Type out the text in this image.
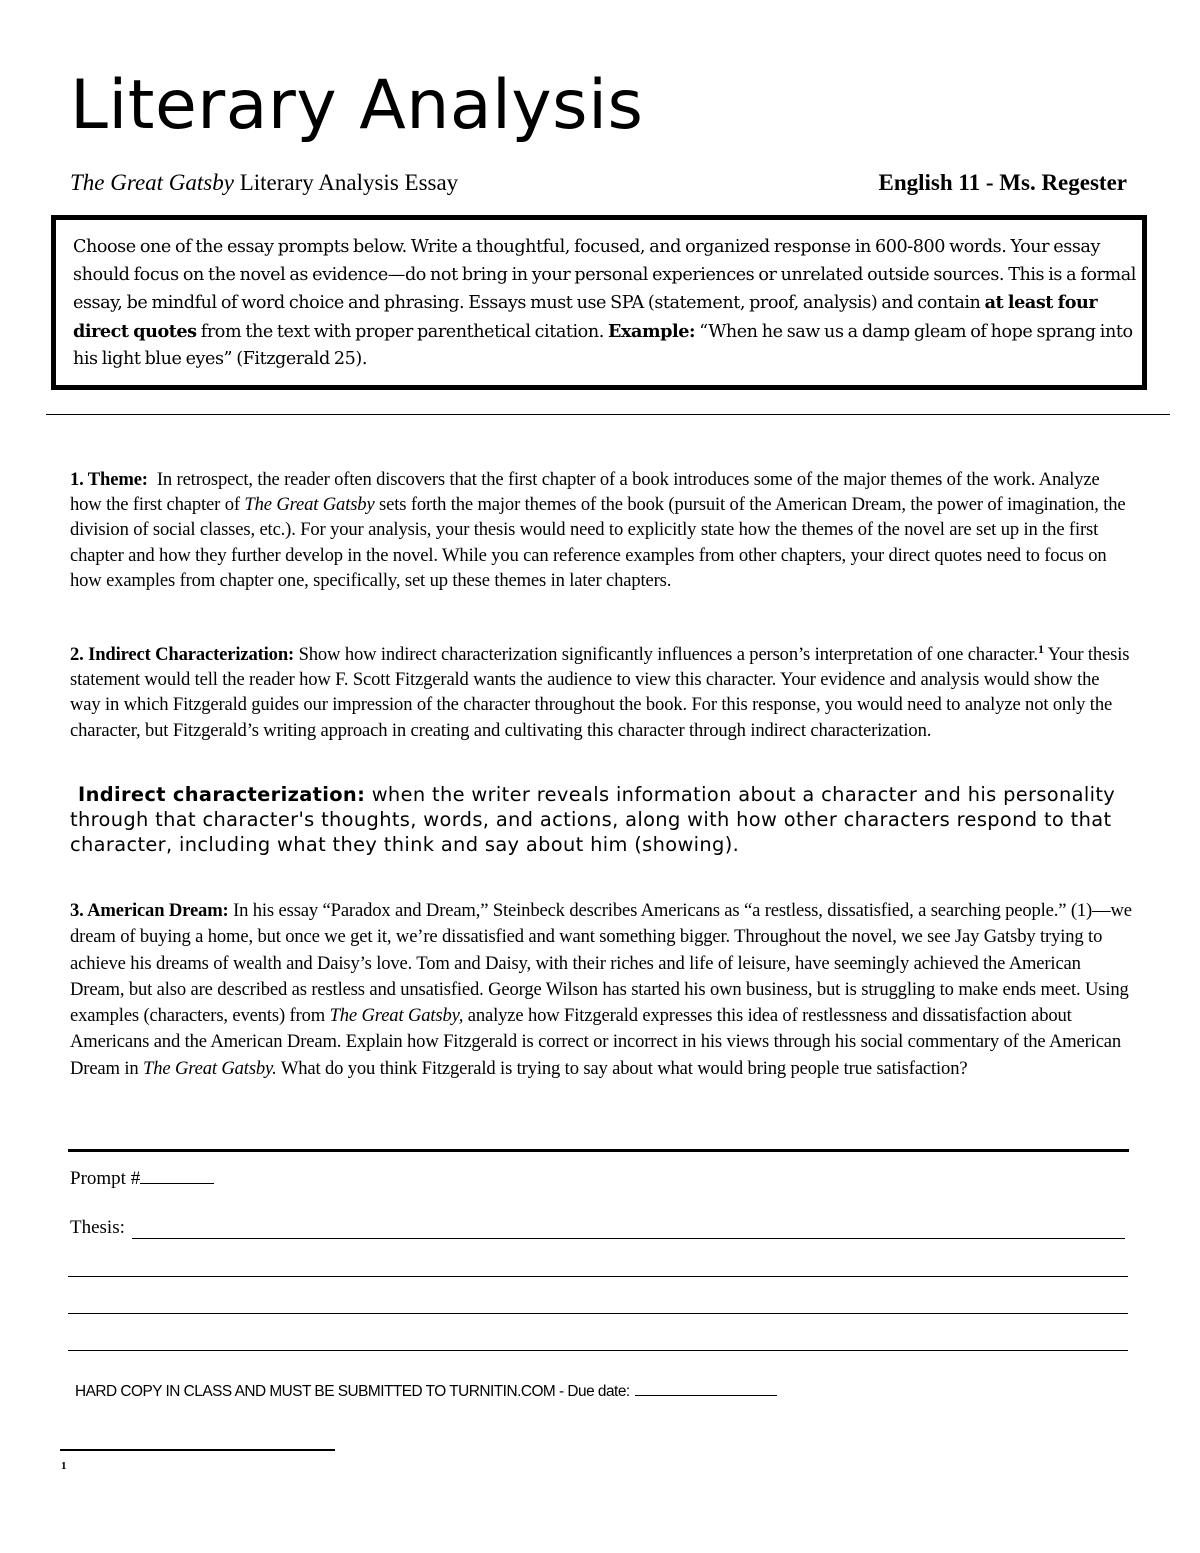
Literary Analysis
The Great Gatsby Literary Analysis Essay	English 11 - Ms. Regester
Choose one of the essay prompts below. Write a thoughtful, focused, and organized response in 600-800 words. Your essay should focus on the novel as evidence—do not bring in your personal experiences or unrelated outside sources. This is a formal essay, be mindful of word choice and phrasing. Essays must use SPA (statement, proof, analysis) and contain at least four direct quotes from the text with proper parenthetical citation. Example: “When he saw us a damp gleam of hope sprang into his light blue eyes” (Fitzgerald 25).
1. Theme: In retrospect, the reader often discovers that the first chapter of a book introduces some of the major themes of the work. Analyze how the first chapter of The Great Gatsby sets forth the major themes of the book (pursuit of the American Dream, the power of imagination, the division of social classes, etc.). For your analysis, your thesis would need to explicitly state how the themes of the novel are set up in the first chapter and how they further develop in the novel. While you can reference examples from other chapters, your direct quotes need to focus on how examples from chapter one, specifically, set up these themes in later chapters.
2. Indirect Characterization: Show how indirect characterization significantly influences a person’s interpretation of one character.$^1$ Your thesis statement would tell the reader how F. Scott Fitzgerald wants the audience to view this character. Your evidence and analysis would show the way in which Fitzgerald guides our impression of the character throughout the book. For this response, you would need to analyze not only the character, but Fitzgerald’s writing approach in creating and cultivating this character through indirect characterization.
Indirect characterization: when the writer reveals information about a character and his personality through that character's thoughts, words, and actions, along with how other characters respond to that character, including what they think and say about him (showing).
3. American Dream: In his essay “Paradox and Dream,” Steinbeck describes Americans as “a restless, dissatisfied, a searching people.” (1)—we dream of buying a home, but once we get it, we’re dissatisfied and want something bigger. Throughout the novel, we see Jay Gatsby trying to achieve his dreams of wealth and Daisy’s love. Tom and Daisy, with their riches and life of leisure, have seemingly achieved the American Dream, but also are described as restless and unsatisfied. George Wilson has started his own business, but is struggling to make ends meet. Using examples (characters, events) from The Great Gatsby, analyze how Fitzgerald expresses this idea of restlessness and dissatisfaction about Americans and the American Dream. Explain how Fitzgerald is correct or incorrect in his views through his social commentary of the American Dream in The Great Gatsby. What do you think Fitzgerald is trying to say about what would bring people true satisfaction?
Prompt #
Thesis:
HARD COPY IN CLASS AND MUST BE SUBMITTED TO TURNITIN.COM - Due date:
1
